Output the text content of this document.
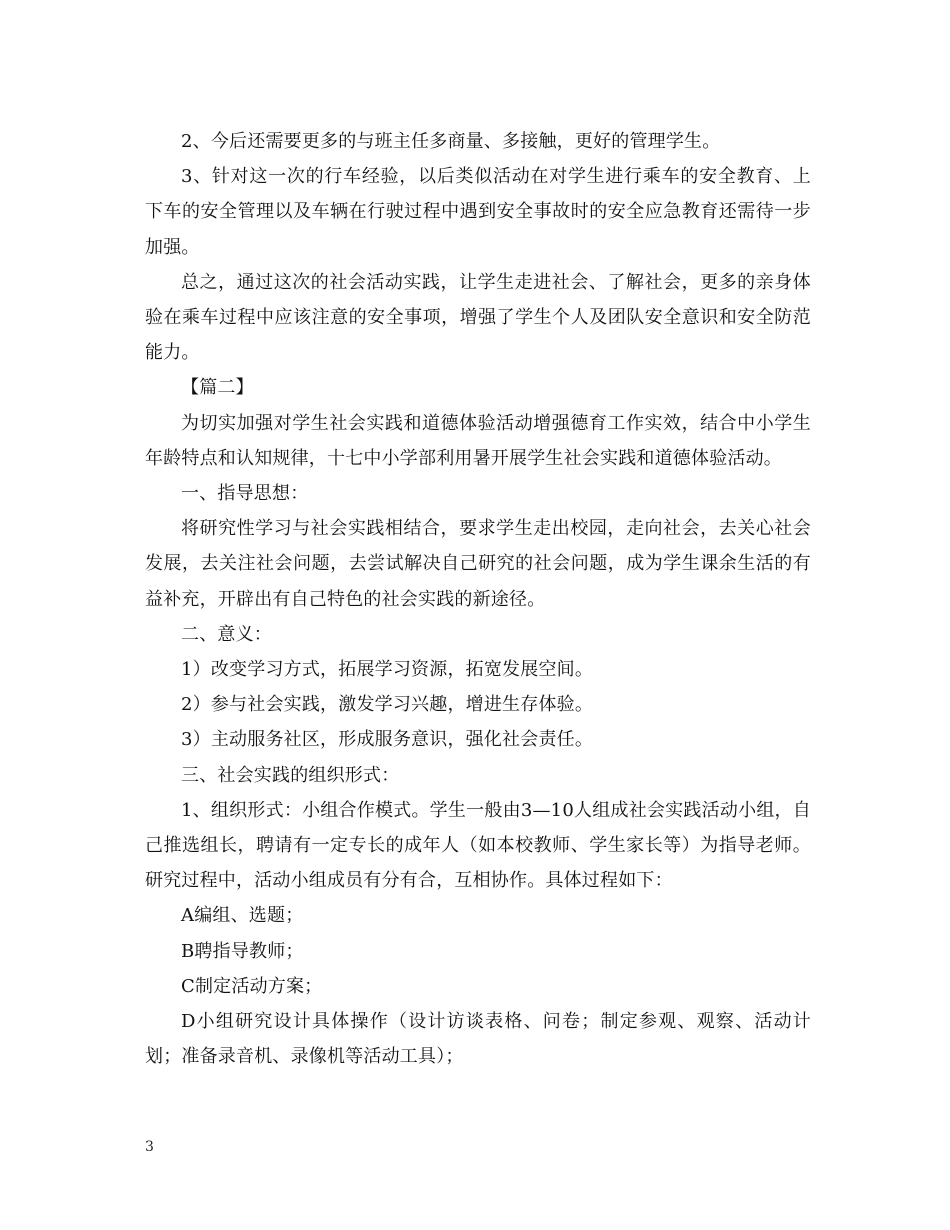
2、今后还需要更多的与班主任多商量、多接触，更好的管理学生。

3、针对这一次的行车经验，以后类似活动在对学生进行乘车的安全教育、上下车的安全管理以及车辆在行驶过程中遇到安全事故时的安全应急教育还需待一步加强。

总之，通过这次的社会活动实践，让学生走进社会、了解社会，更多的亲身体验在乘车过程中应该注意的安全事项，增强了学生个人及团队安全意识和安全防范能力。

【篇二】

为切实加强对学生社会实践和道德体验活动增强德育工作实效，结合中小学生年龄特点和认知规律，十七中小学部利用暑开展学生社会实践和道德体验活动。

一、指导思想：

将研究性学习与社会实践相结合，要求学生走出校园，走向社会，去关心社会发展，去关注社会问题，去尝试解决自己研究的社会问题，成为学生课余生活的有益补充，开辟出有自己特色的社会实践的新途径。

二、意义：

1）改变学习方式，拓展学习资源，拓宽发展空间。

2）参与社会实践，激发学习兴趣，增进生存体验。

3）主动服务社区，形成服务意识，强化社会责任。

三、社会实践的组织形式：

1、组织形式：小组合作模式。学生一般由3—10人组成社会实践活动小组，自己推选组长，聘请有一定专长的成年人（如本校教师、学生家长等）为指导老师。研究过程中，活动小组成员有分有合，互相协作。具体过程如下：

A编组、选题；

B聘指导教师；

C制定活动方案；

D小组研究设计具体操作（设计访谈表格、问卷；制定参观、观察、活动计划；准备录音机、录像机等活动工具）；

3
